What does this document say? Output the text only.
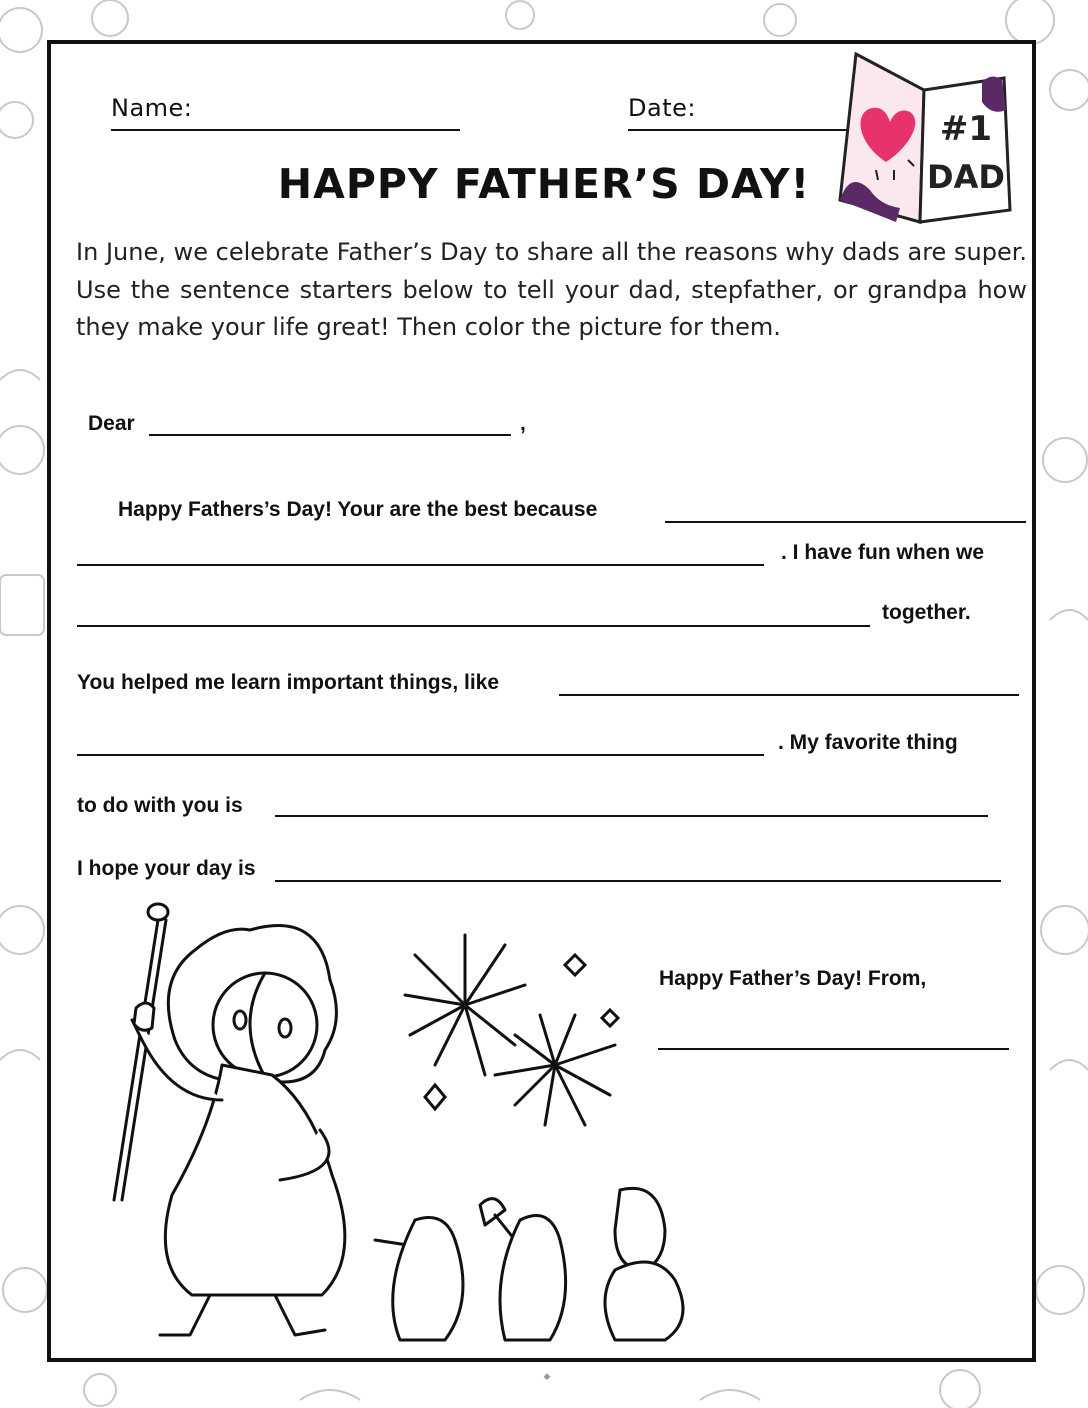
Name:	Date:
#1
DAD
HAPPY FATHER’S DAY!
In June, we celebrate Father’s Day to share all the reasons why dads are super. Use the sentence starters below to tell your dad, stepfather, or grandpa how they make your life great! Then color the picture for them.
Dear	,
Happy Fathers’s Day! Your are the best because
. I have fun when we
together.
You helped me learn important things, like
. My favorite thing
to do with you is
I hope your day is
Happy Father’s Day! From,
◆
